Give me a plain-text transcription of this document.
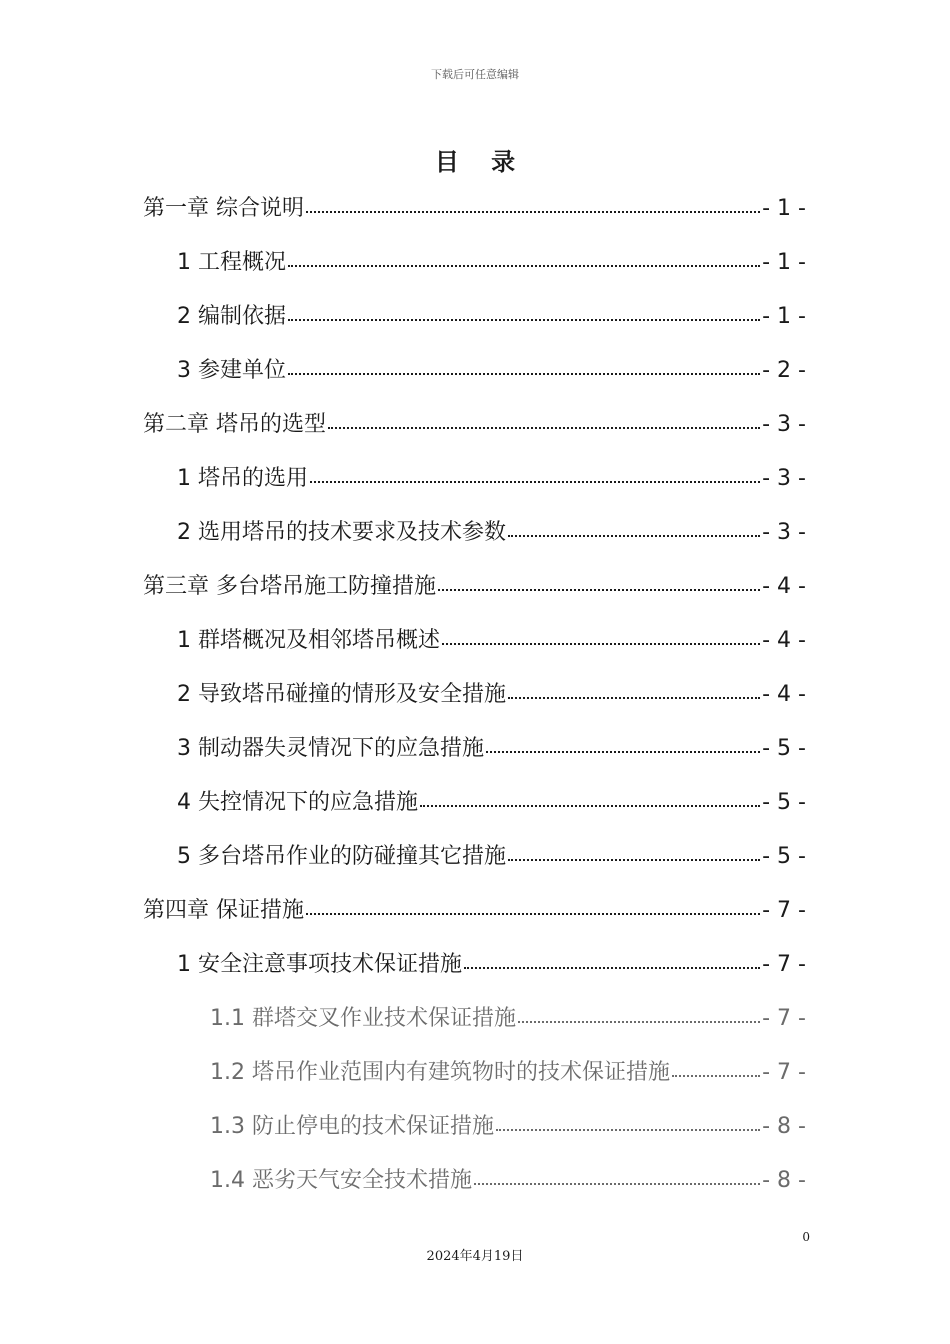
下载后可任意编辑
目 录
第一章 综合说明	- 1 -
1 工程概况	- 1 -
2 编制依据	- 1 -
3 参建单位	- 2 -
第二章 塔吊的选型	- 3 -
1 塔吊的选用	- 3 -
2 选用塔吊的技术要求及技术参数	- 3 -
第三章 多台塔吊施工防撞措施	- 4 -
1 群塔概况及相邻塔吊概述	- 4 -
2 导致塔吊碰撞的情形及安全措施	- 4 -
3 制动器失灵情况下的应急措施	- 5 -
4 失控情况下的应急措施	- 5 -
5 多台塔吊作业的防碰撞其它措施	- 5 -
第四章 保证措施	- 7 -
1 安全注意事项技术保证措施	- 7 -
1.1 群塔交叉作业技术保证措施	- 7 -
1.2 塔吊作业范围内有建筑物时的技术保证措施	- 7 -
1.3 防止停电的技术保证措施	- 8 -
1.4 恶劣天气安全技术措施	- 8 -
0
2024年4月19日
